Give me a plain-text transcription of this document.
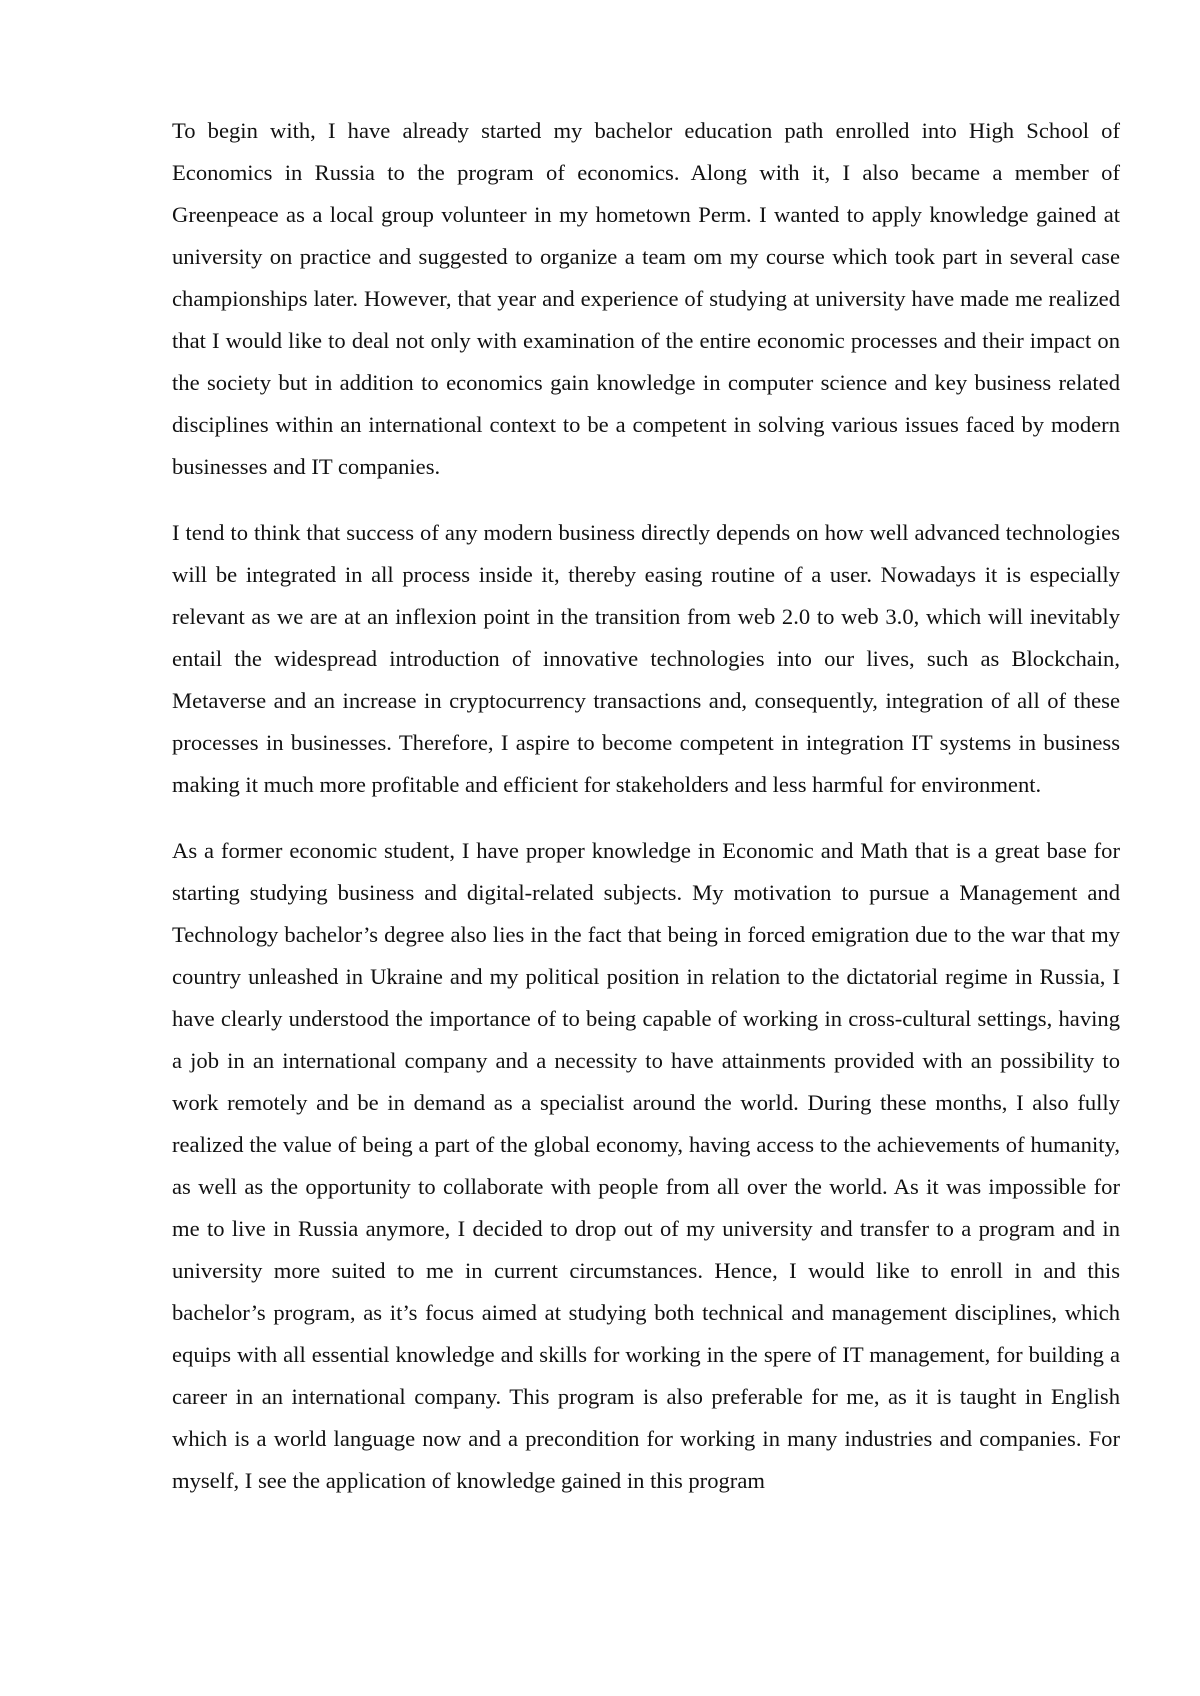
To begin with, I have already started my bachelor education path enrolled into High School of Economics in Russia to the program of economics. Along with it, I also became a member of Greenpeace as a local group volunteer in my hometown Perm. I wanted to apply knowledge gained at university on practice and suggested to organize a team om my course which took part in several case championships later. However, that year and experience of studying at university have made me realized that I would like to deal not only with examination of the entire economic processes and their impact on the society but in addition to economics gain knowledge in computer science and key business related disciplines within an international context to be a competent in solving various issues faced by modern businesses and IT companies.

I tend to think that success of any modern business directly depends on how well advanced technologies will be integrated in all process inside it, thereby easing routine of a user. Nowadays it is especially relevant as we are at an inflexion point in the transition from web 2.0 to web 3.0, which will inevitably entail the widespread introduction of innovative technologies into our lives, such as Blockchain, Metaverse and an increase in cryptocurrency transactions and, consequently, integration of all of these processes in businesses. Therefore, I aspire to become competent in integration IT systems in business making it much more profitable and efficient for stakeholders and less harmful for environment.

As a former economic student, I have proper knowledge in Economic and Math that is a great base for starting studying business and digital-related subjects. My motivation to pursue a Management and Technology bachelor’s degree also lies in the fact that being in forced emigration due to the war that my country unleashed in Ukraine and my political position in relation to the dictatorial regime in Russia, I have clearly understood the importance of to being capable of working in cross-cultural settings, having a job in an international company and a necessity to have attainments provided with an possibility to work remotely and be in demand as a specialist around the world. During these months, I also fully realized the value of being a part of the global economy, having access to the achievements of humanity, as well as the opportunity to collaborate with people from all over the world. As it was impossible for me to live in Russia anymore, I decided to drop out of my university and transfer to a program and in university more suited to me in current circumstances. Hence, I would like to enroll in and this bachelor’s program, as it’s focus aimed at studying both technical and management disciplines, which equips with all essential knowledge and skills for working in the spere of IT management, for building a career in an international company. This program is also preferable for me, as it is taught in English which is a world language now and a precondition for working in many industries and companies. For myself, I see the application of knowledge gained in this program
